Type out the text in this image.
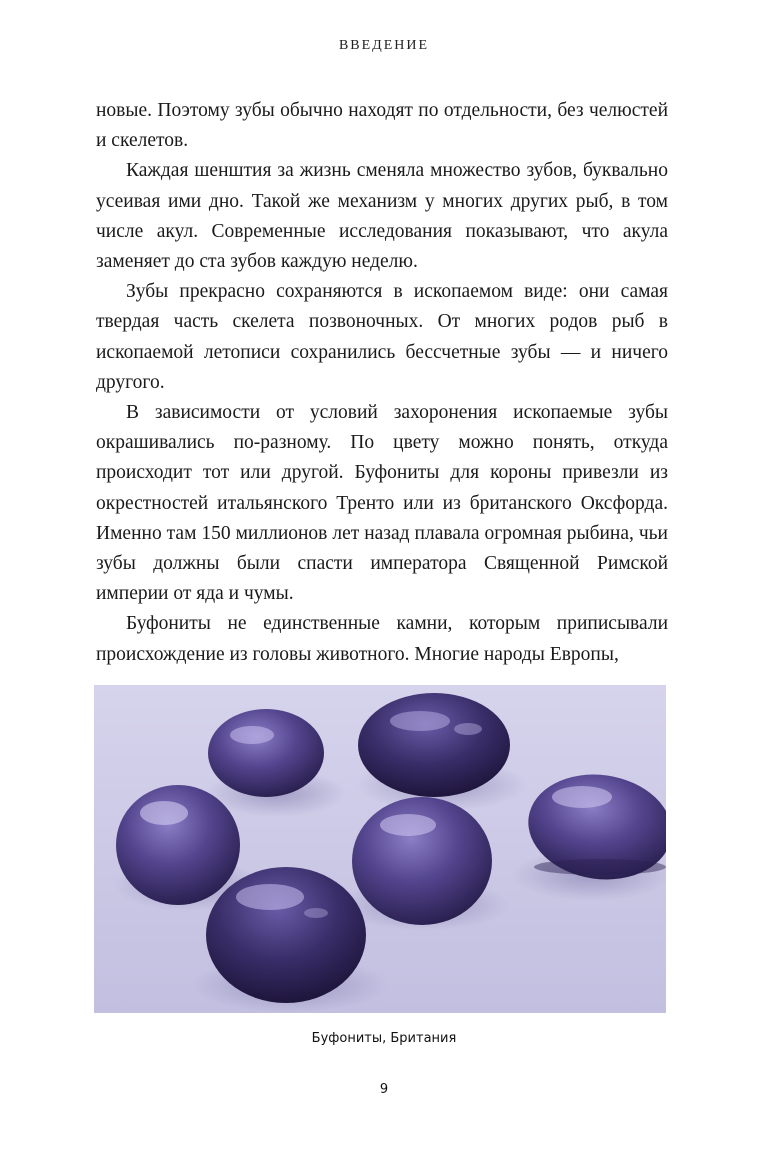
ВВЕДЕНИЕ

новые. Поэтому зубы обычно находят по отдельности, без челюстей и скелетов.

Каждая шенштия за жизнь сменяла множество зубов, буквально усеивая ими дно. Такой же механизм у многих других рыб, в том числе акул. Современные исследования показывают, что акула заменяет до ста зубов каждую неделю.

Зубы прекрасно сохраняются в ископаемом виде: они самая твердая часть скелета позвоночных. От многих родов рыб в ископаемой летописи сохранились бессчетные зубы — и ничего другого.

В зависимости от условий захоронения ископаемые зубы окрашивались по-разному. По цвету можно понять, откуда происходит тот или другой. Буфониты для короны привезли из окрестностей итальянского Тренто или из британского Оксфорда. Именно там 150 миллионов лет назад плавала огромная рыбина, чьи зубы должны были спасти императора Священной Римской империи от яда и чумы.

Буфониты не единственные камни, которым приписывали происхождение из головы животного. Многие народы Европы,

Буфониты, Британия
9
